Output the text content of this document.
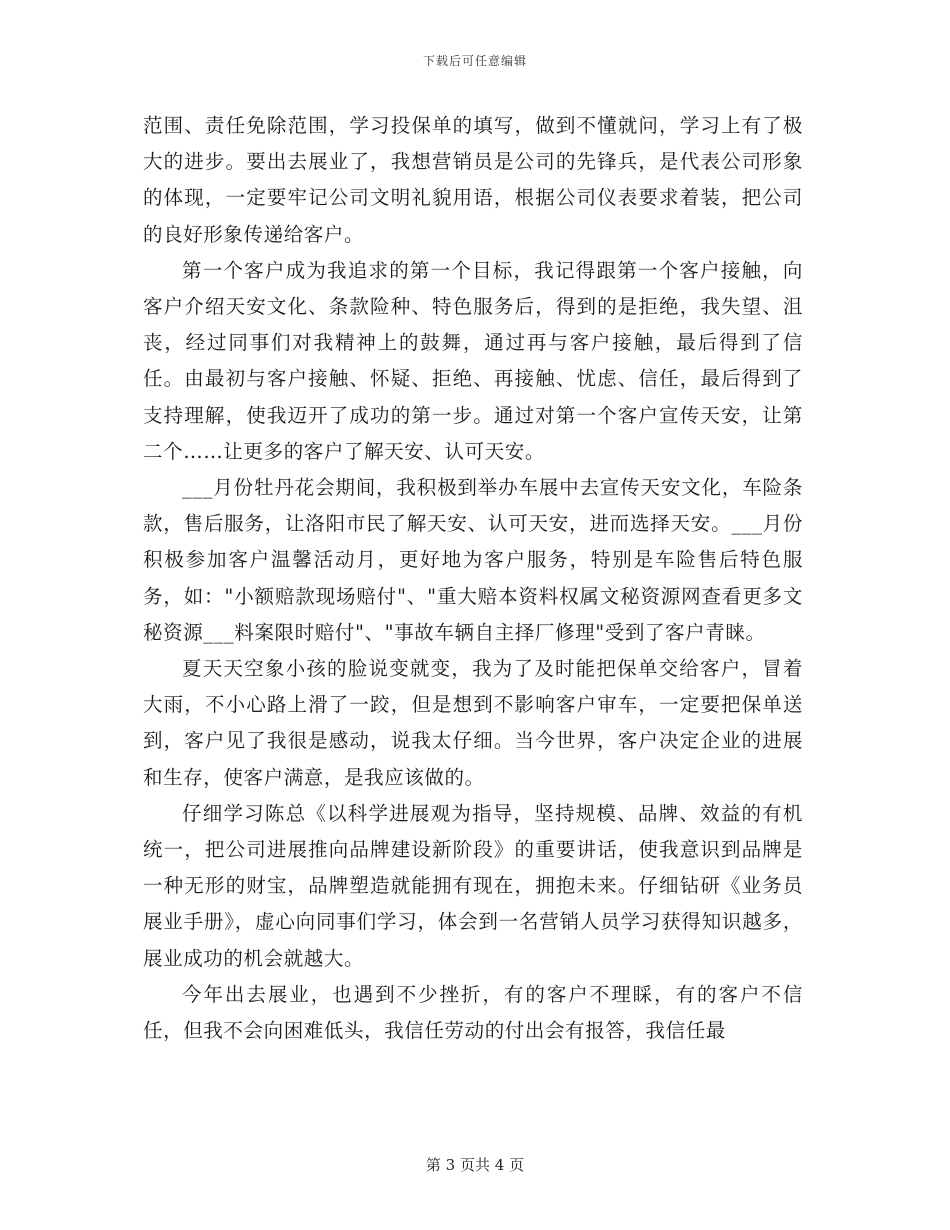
下载后可任意编辑

范围、责任免除范围，学习投保单的填写，做到不懂就问，学习上有了极大的进步。要出去展业了，我想营销员是公司的先锋兵，是代表公司形象的体现，一定要牢记公司文明礼貌用语，根据公司仪表要求着装，把公司的良好形象传递给客户。

第一个客户成为我追求的第一个目标，我记得跟第一个客户接触，向客户介绍天安文化、条款险种、特色服务后，得到的是拒绝，我失望、沮丧，经过同事们对我精神上的鼓舞，通过再与客户接触，最后得到了信任。由最初与客户接触、怀疑、拒绝、再接触、忧虑、信任，最后得到了支持理解，使我迈开了成功的第一步。通过对第一个客户宣传天安，让第二个……让更多的客户了解天安、认可天安。

___月份牡丹花会期间，我积极到举办车展中去宣传天安文化，车险条款，售后服务，让洛阳市民了解天安、认可天安，进而选择天安。___月份积极参加客户温馨活动月，更好地为客户服务，特别是车险售后特色服务，如："小额赔款现场赔付"、"重大赔本资料权属文秘资源网查看更多文秘资源___料案限时赔付"、"事故车辆自主择厂修理"受到了客户青睐。

夏天天空象小孩的脸说变就变，我为了及时能把保单交给客户，冒着大雨，不小心路上滑了一跤，但是想到不影响客户审车，一定要把保单送到，客户见了我很是感动，说我太仔细。当今世界，客户决定企业的进展和生存，使客户满意，是我应该做的。

仔细学习陈总《以科学进展观为指导，坚持规模、品牌、效益的有机统一，把公司进展推向品牌建设新阶段》的重要讲话，使我意识到品牌是一种无形的财宝，品牌塑造就能拥有现在，拥抱未来。仔细钻研《业务员展业手册》，虚心向同事们学习，体会到一名营销人员学习获得知识越多，展业成功的机会就越大。

今年出去展业，也遇到不少挫折，有的客户不理睬，有的客户不信任，但我不会向困难低头，我信任劳动的付出会有报答，我信任最

第 3 页共 4 页
